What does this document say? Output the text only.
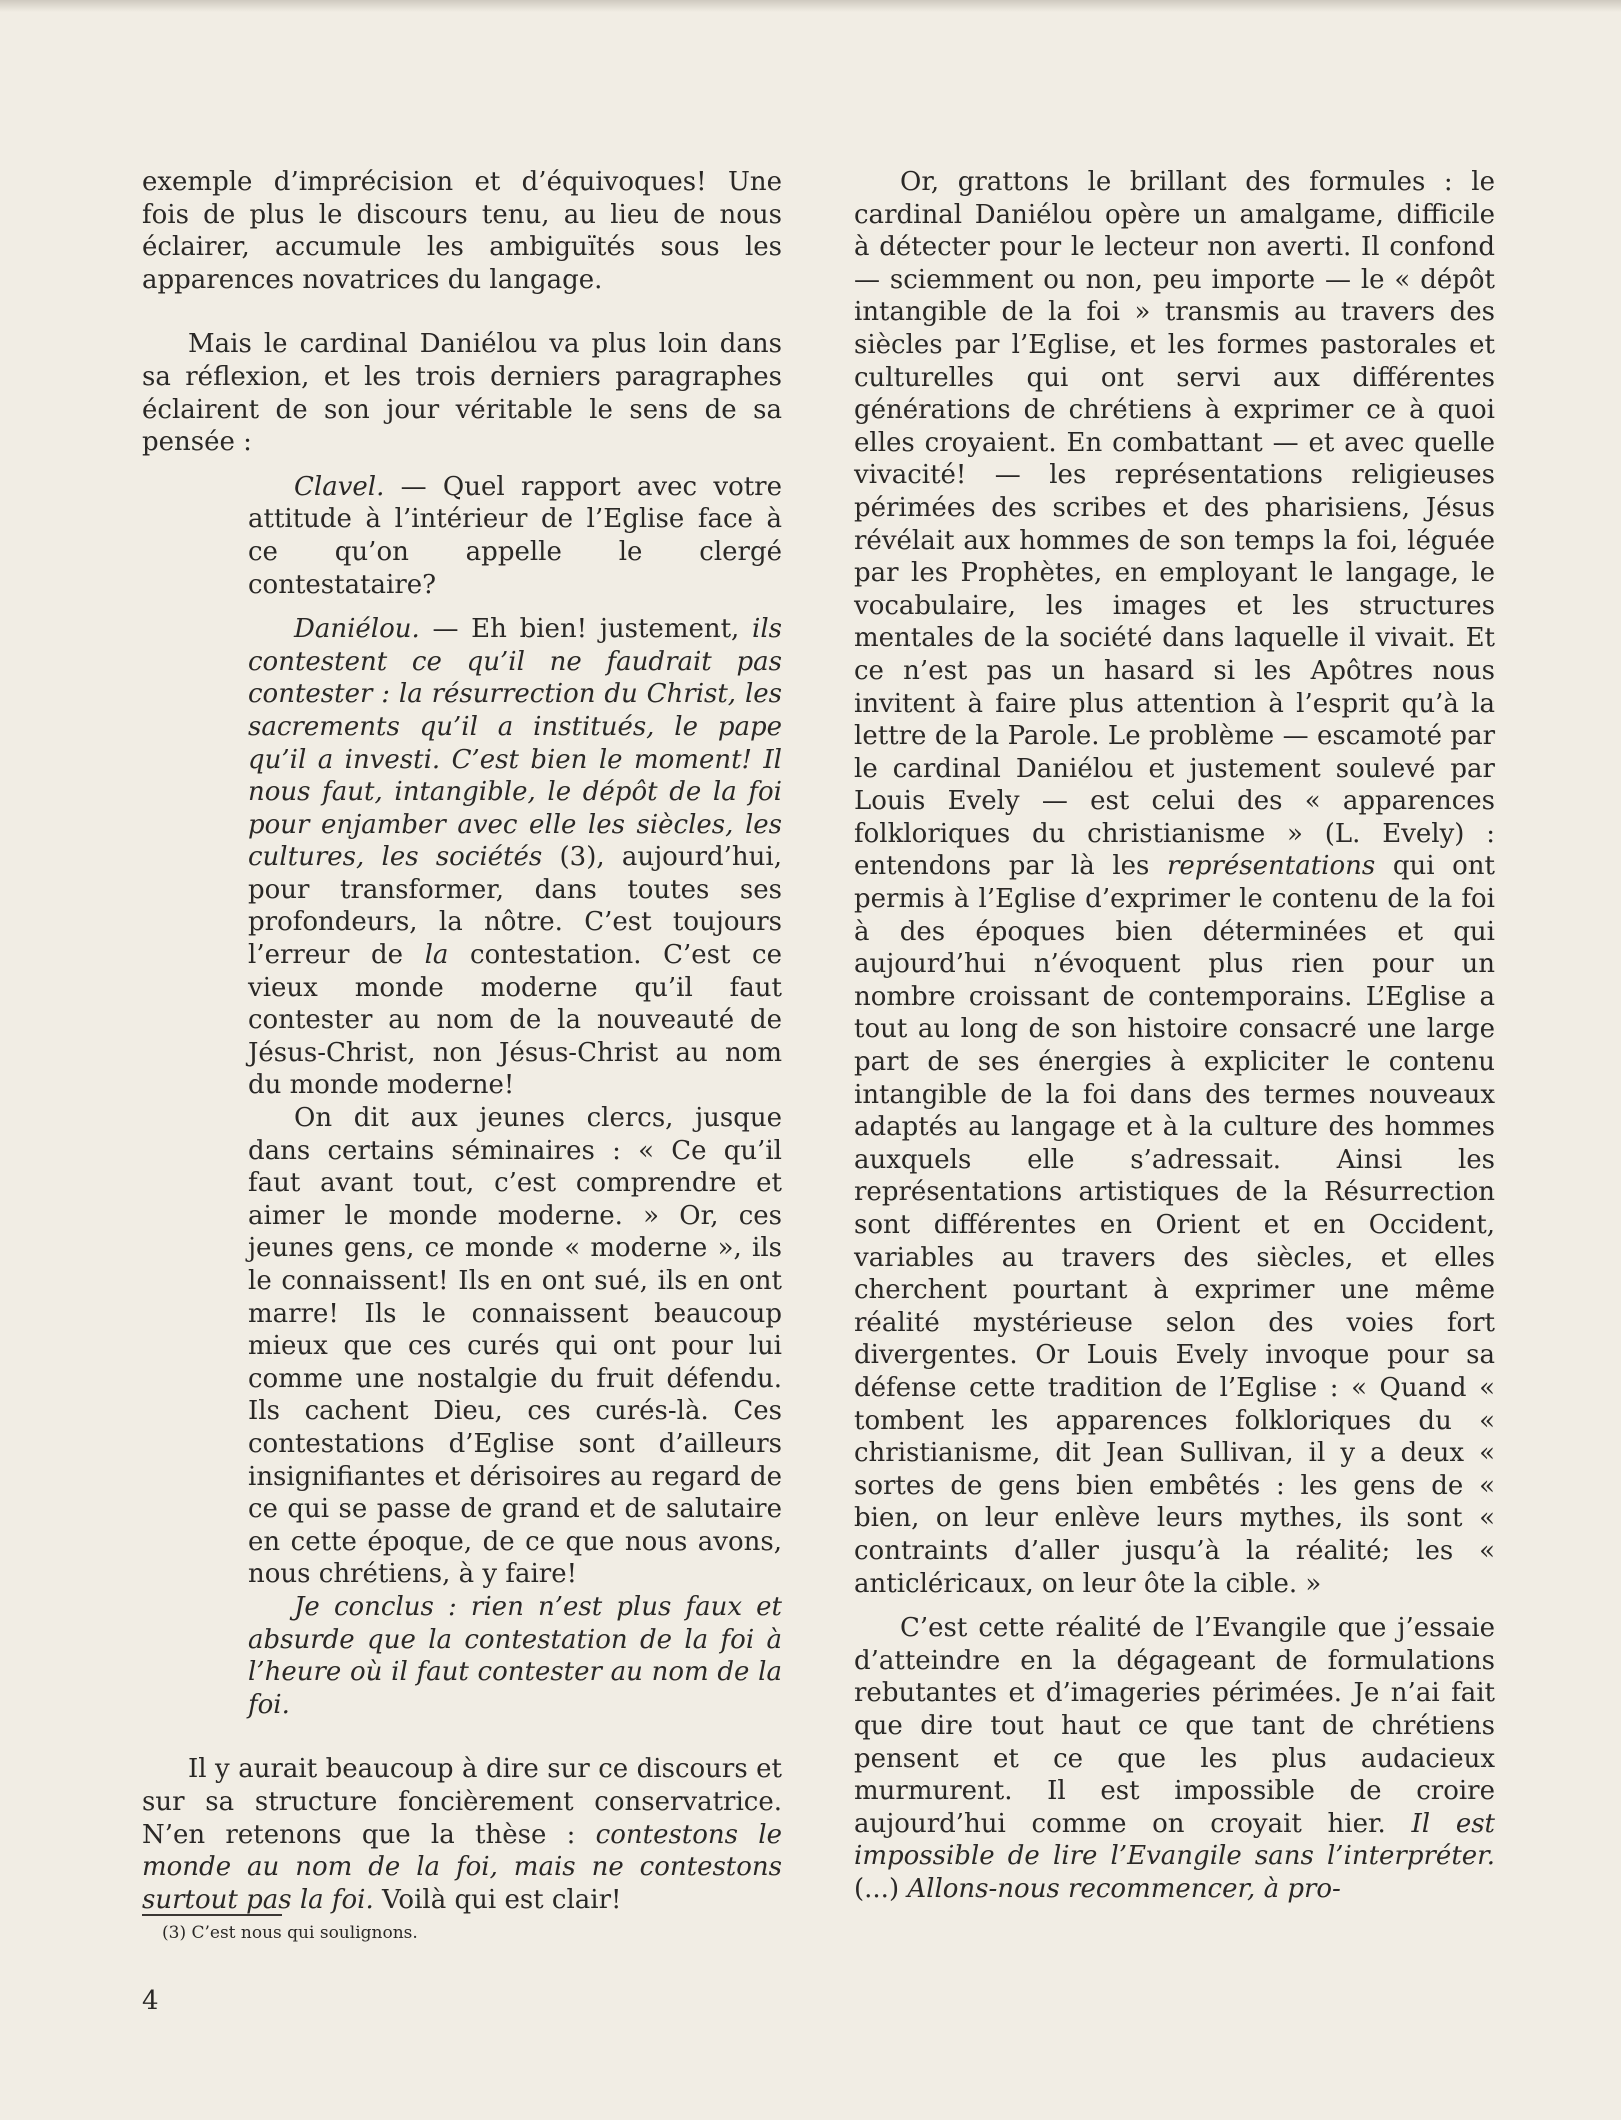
exemple d’imprécision et d’équivoques! Une fois de plus le discours tenu, au lieu de nous éclairer, accumule les ambiguïtés sous les apparences novatrices du langage.

Mais le cardinal Daniélou va plus loin dans sa réflexion, et les trois derniers paragraphes éclairent de son jour véritable le sens de sa pensée :

Clavel. — Quel rapport avec votre attitude à l’intérieur de l’Eglise face à ce qu’on appelle le clergé contestataire?

Daniélou. — Eh bien! justement, ils contestent ce qu’il ne faudrait pas contester : la résurrection du Christ, les sacrements qu’il a institués, le pape qu’il a investi. C’est bien le moment! Il nous faut, intangible, le dépôt de la foi pour enjamber avec elle les siècles, les cultures, les sociétés (3), aujourd’hui, pour transformer, dans toutes ses profondeurs, la nôtre. C’est toujours l’erreur de la contestation. C’est ce vieux monde moderne qu’il faut contester au nom de la nouveauté de Jésus-Christ, non Jésus-Christ au nom du monde moderne!

On dit aux jeunes clercs, jusque dans certains séminaires : « Ce qu’il faut avant tout, c’est comprendre et aimer le monde moderne. » Or, ces jeunes gens, ce monde « moderne », ils le connaissent! Ils en ont sué, ils en ont marre! Ils le connaissent beaucoup mieux que ces curés qui ont pour lui comme une nostalgie du fruit défendu. Ils cachent Dieu, ces curés-là. Ces contestations d’Eglise sont d’ailleurs insignifiantes et dérisoires au regard de ce qui se passe de grand et de salutaire en cette époque, de ce que nous avons, nous chrétiens, à y faire!

Je conclus : rien n’est plus faux et absurde que la contestation de la foi à l’heure où il faut contester au nom de la foi.

Il y aurait beaucoup à dire sur ce discours et sur sa structure foncièrement conservatrice. N’en retenons que la thèse : contestons le monde au nom de la foi, mais ne contestons surtout pas la foi. Voilà qui est clair!

Or, grattons le brillant des formules : le cardinal Daniélou opère un amalgame, difficile à détecter pour le lecteur non averti. Il confond — sciemment ou non, peu importe — le « dépôt intangible de la foi » transmis au travers des siècles par l’Eglise, et les formes pastorales et culturelles qui ont servi aux différentes générations de chrétiens à exprimer ce à quoi elles croyaient. En combattant — et avec quelle vivacité! — les représentations religieuses périmées des scribes et des pharisiens, Jésus révélait aux hommes de son temps la foi, léguée par les Prophètes, en employant le langage, le vocabulaire, les images et les structures mentales de la société dans laquelle il vivait. Et ce n’est pas un hasard si les Apôtres nous invitent à faire plus attention à l’esprit qu’à la lettre de la Parole. Le problème — escamoté par le cardinal Daniélou et justement soulevé par Louis Evely — est celui des « apparences folkloriques du christianisme » (L. Evely) : entendons par là les représentations qui ont permis à l’Eglise d’exprimer le contenu de la foi à des époques bien déterminées et qui aujourd’hui n’évoquent plus rien pour un nombre croissant de contemporains. L’Eglise a tout au long de son histoire consacré une large part de ses énergies à expliciter le contenu intangible de la foi dans des termes nouveaux adaptés au langage et à la culture des hommes auxquels elle s’adressait. Ainsi les représentations artistiques de la Résurrection sont différentes en Orient et en Occident, variables au travers des siècles, et elles cherchent pourtant à exprimer une même réalité mystérieuse selon des voies fort divergentes. Or Louis Evely invoque pour sa défense cette tradition de l’Eglise : « Quand « tombent les apparences folkloriques du « christianisme, dit Jean Sullivan, il y a deux « sortes de gens bien embêtés : les gens de « bien, on leur enlève leurs mythes, ils sont « contraints d’aller jusqu’à la réalité; les « anticléricaux, on leur ôte la cible. »

C’est cette réalité de l’Evangile que j’essaie d’atteindre en la dégageant de formulations rebutantes et d’imageries périmées. Je n’ai fait que dire tout haut ce que tant de chrétiens pensent et ce que les plus audacieux murmurent. Il est impossible de croire aujourd’hui comme on croyait hier. Il est impossible de lire l’Evangile sans l’interpréter. (...) Allons-nous recommencer, à pro-

(3) C’est nous qui soulignons.
4
